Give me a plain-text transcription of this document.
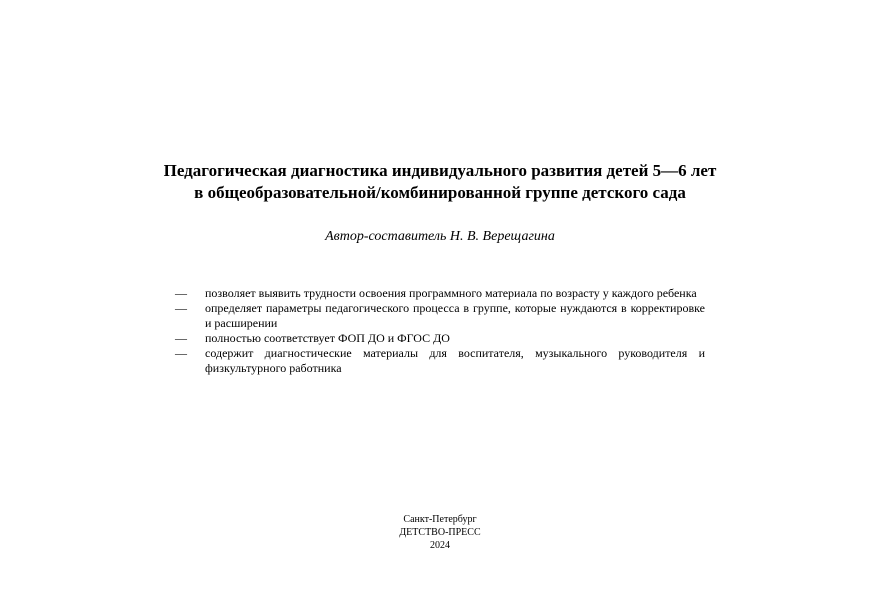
Педагогическая диагностика индивидуального развития детей 5—6 лет
в общеобразовательной/комбинированной группе детского сада
Автор-составитель Н. В. Верещагина
— позволяет выявить трудности освоения программного материала по возрасту у каждого ребенка
— определяет параметры педагогического процесса в группе, которые нуждаются в корректировке и расширении
— полностью соответствует ФОП ДО и ФГОС ДО
— содержит диагностические материалы для воспитателя, музыкального руководителя и физкультурного работника
Санкт-Петербург
ДЕТСТВО-ПРЕСС
2024
